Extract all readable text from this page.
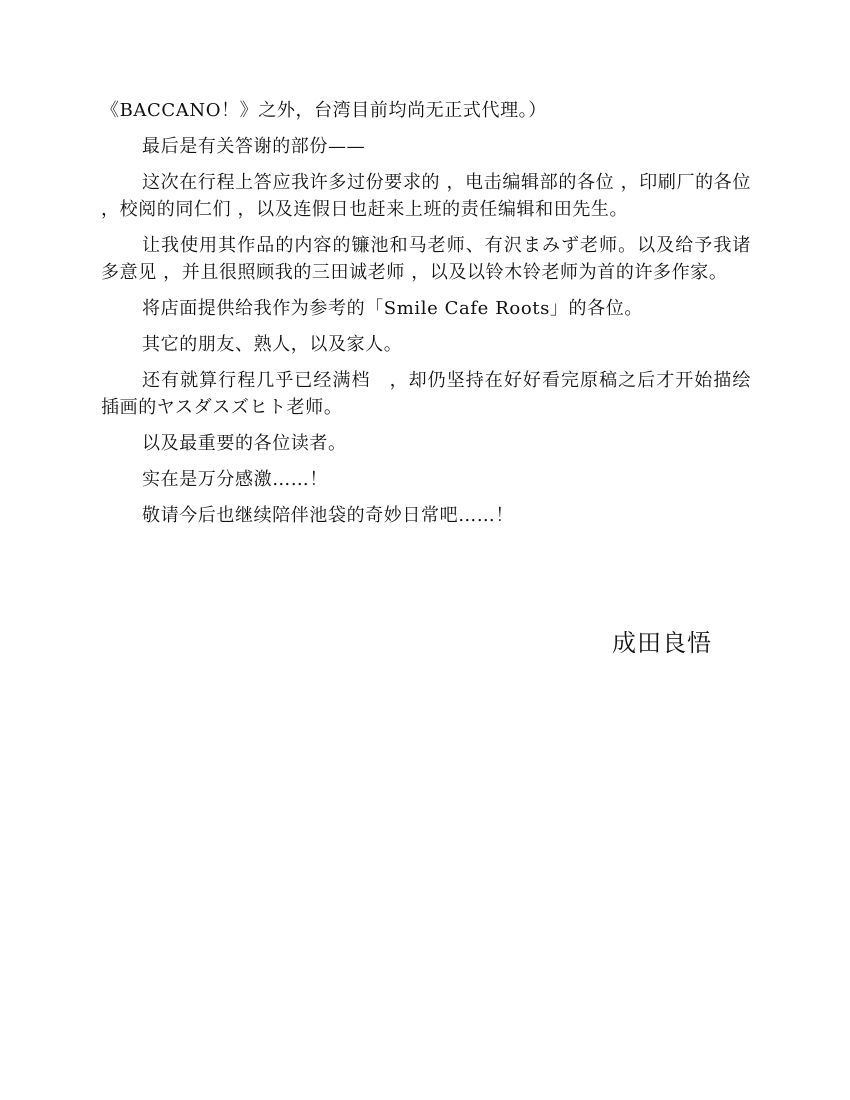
《BACCANO！》之外，台湾目前均尚无正式代理。）

最后是有关答谢的部份——

这次在行程上答应我许多过份要求的 ，电击编辑部的各位 ，印刷厂的各位 ，校阅的同仁们 ，以及连假日也赶来上班的责任编辑和田先生。

让我使用其作品的内容的镰池和马老师、有沢まみず老师。以及给予我诸多意见 ，并且很照顾我的三田诚老师 ，以及以铃木铃老师为首的许多作家。

将店面提供给我作为参考的「Smile Cafe Roots」的各位。

其它的朋友、熟人，以及家人。

还有就算行程几乎已经满档　，却仍坚持在好好看完原稿之后才开始描绘插画的ヤスダスズヒト老师。

以及最重要的各位读者。

实在是万分感激……！

敬请今后也继续陪伴池袋的奇妙日常吧……！

成田良悟
